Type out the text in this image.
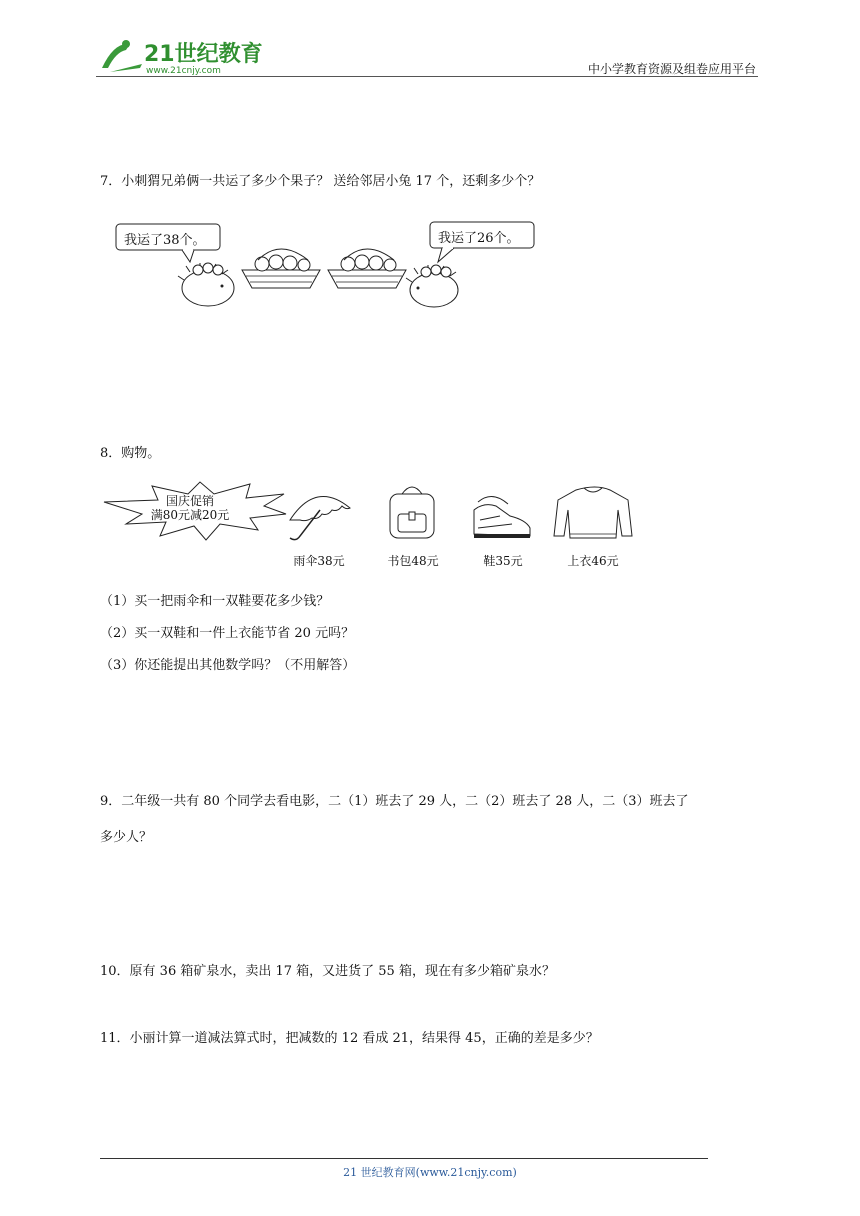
21世纪教育
www.21cnjy.com	中小学教育资源及组卷应用平台
7．小刺猬兄弟俩一共运了多少个果子？ 送给邻居小兔 17 个，还剩多少个？
我运了38个。	我运了26个。
8．购物。
国庆促销
满80元减20元
雨伞38元	书包48元	鞋35元	上衣46元
（1）买一把雨伞和一双鞋要花多少钱？
（2）买一双鞋和一件上衣能节省 20 元吗？
（3）你还能提出其他数学吗？（不用解答）
9．二年级一共有 80 个同学去看电影，二（1）班去了 29 人，二（2）班去了 28 人，二（3）班去了
多少人？
10．原有 36 箱矿泉水，卖出 17 箱，又进货了 55 箱，现在有多少箱矿泉水？
11．小丽计算一道减法算式时，把减数的 12 看成 21，结果得 45，正确的差是多少？
21 世纪教育网(www.21cnjy.com)
